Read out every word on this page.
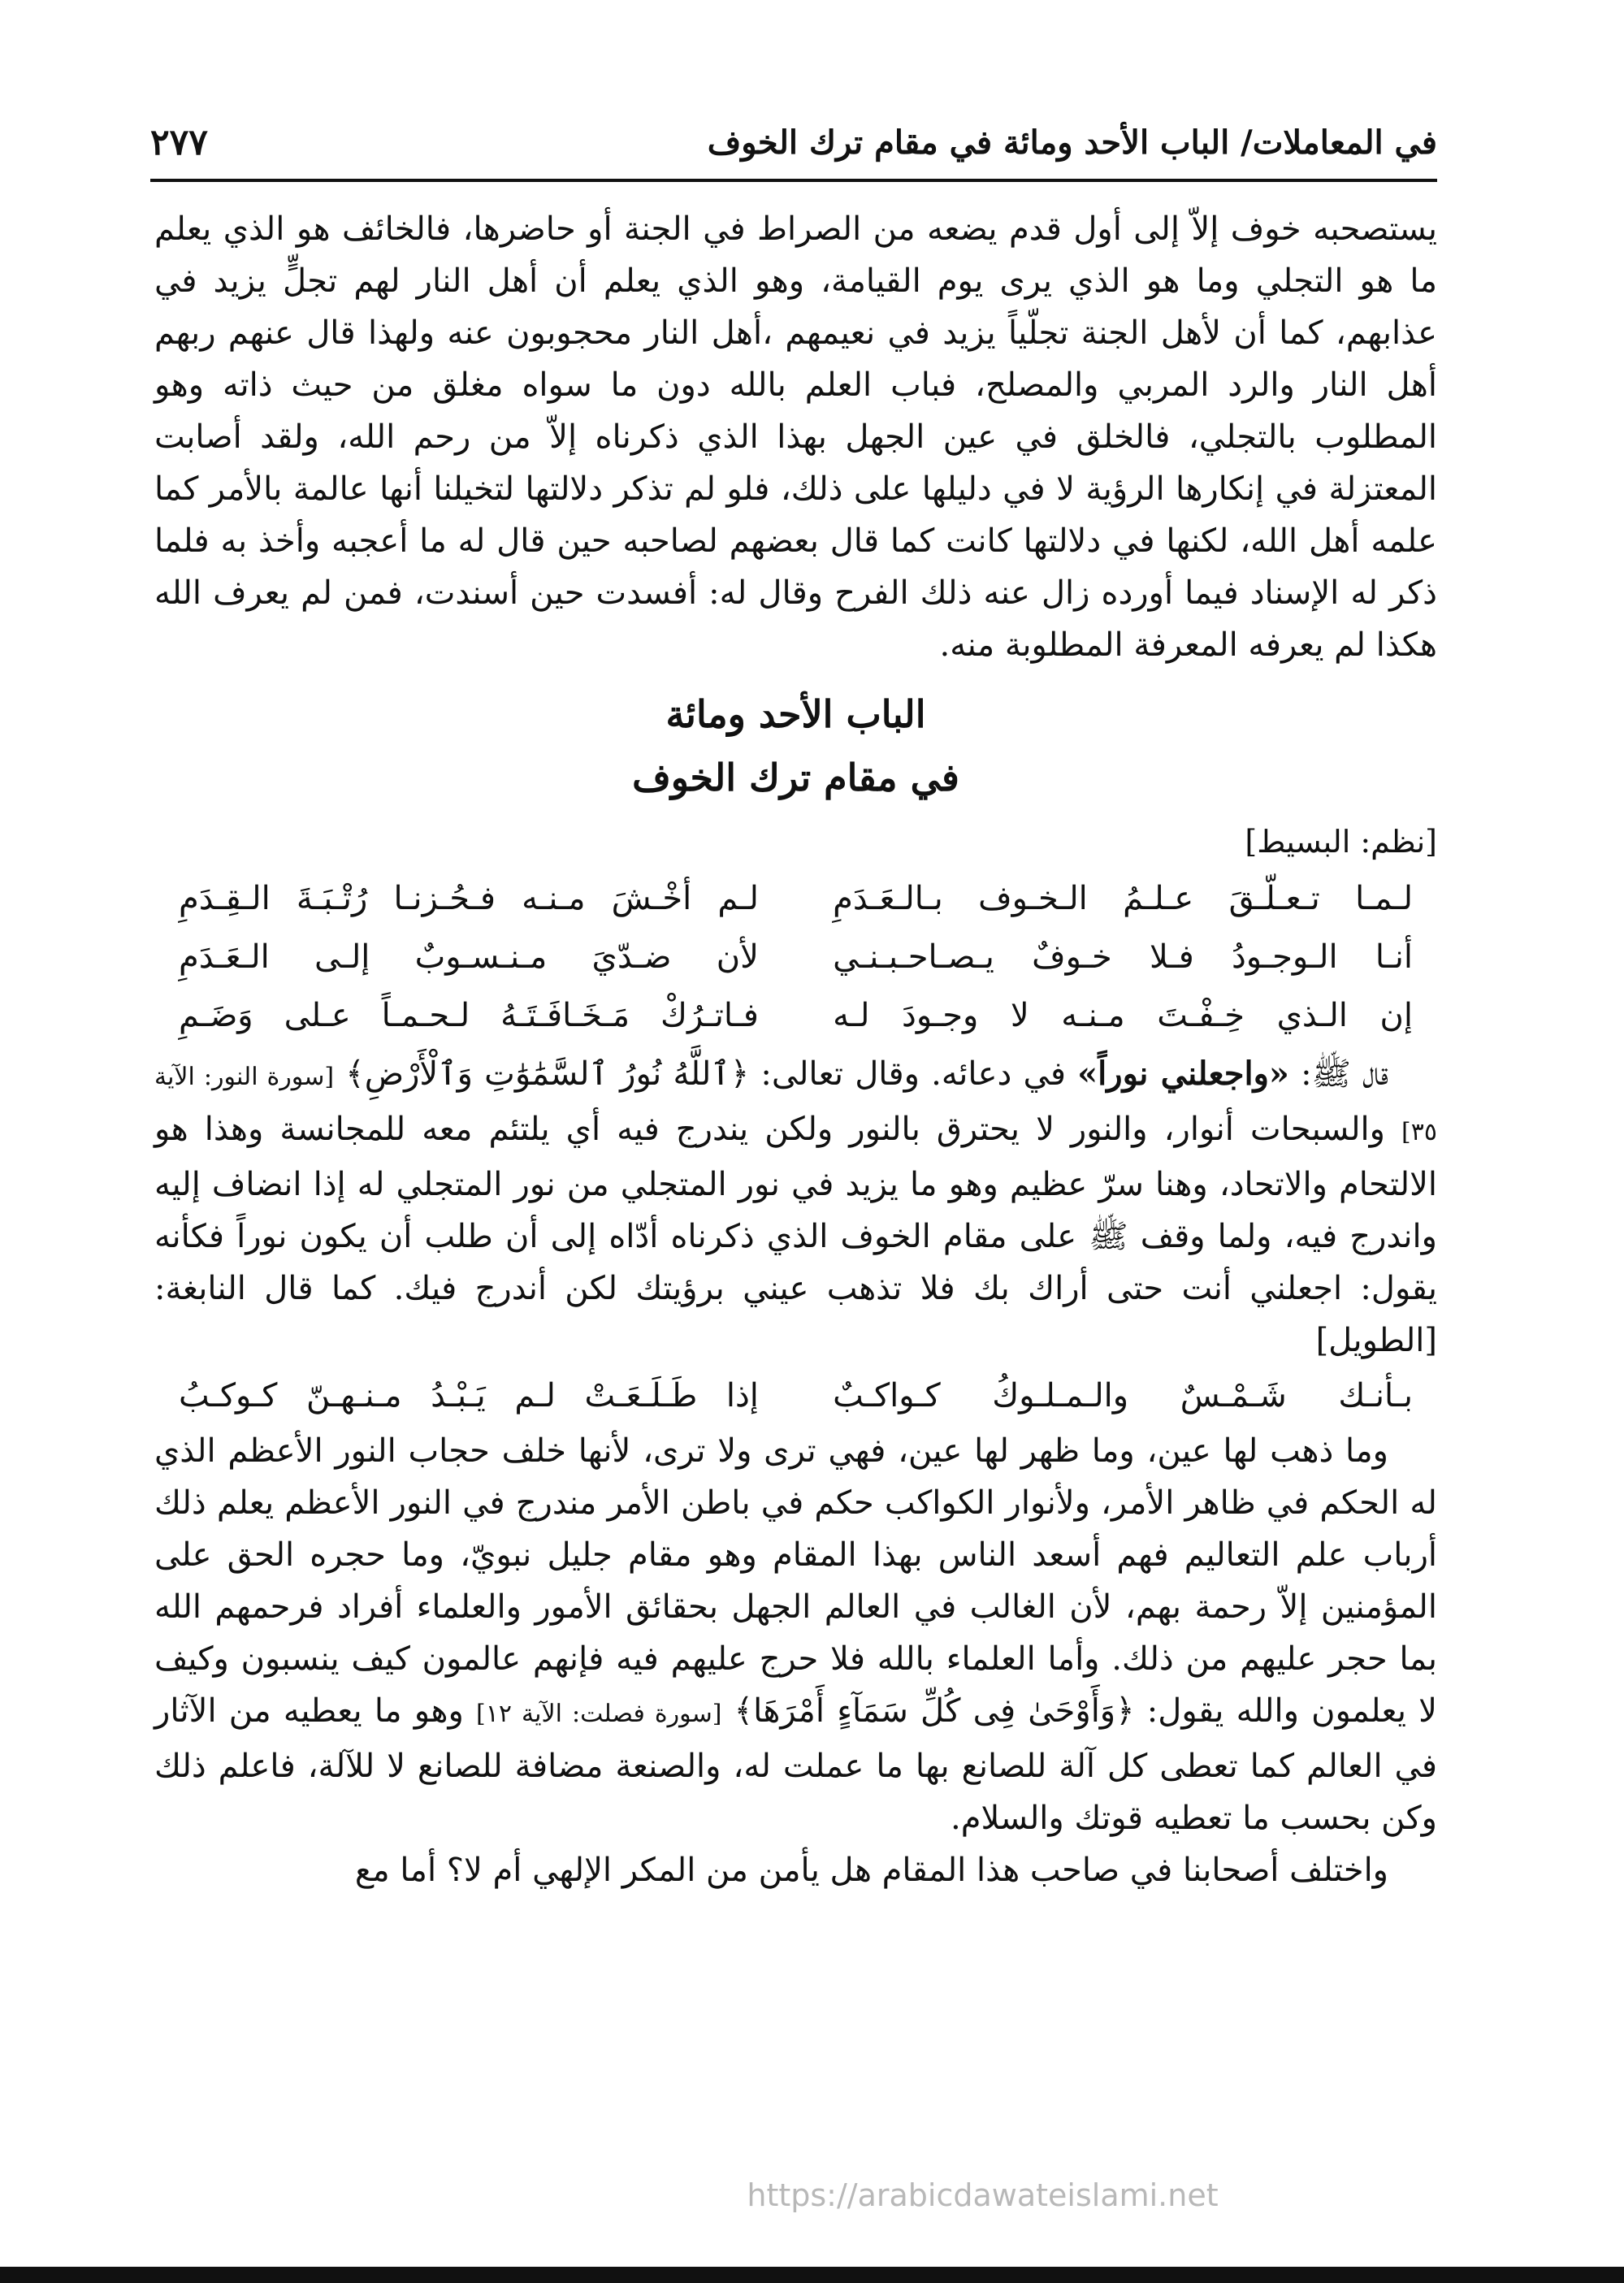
في المعاملات/ الباب الأحد ومائة في مقام ترك الخوف
٢٧٧

يستصحبه خوف إلاّ إلى أول قدم يضعه من الصراط في الجنة أو حاضرها، فالخائف هو الذي يعلم ما هو التجلي وما هو الذي يرى يوم القيامة، وهو الذي يعلم أن أهل النار لهم تجلٍّ يزيد في عذابهم، كما أن لأهل الجنة تجلّياً يزيد في نعيمهم ،أهل النار محجوبون عنه ولهذا قال عنهم ربهم أهل النار والرد المربي والمصلح، فباب العلم بالله دون ما سواه مغلق من حيث ذاته وهو المطلوب بالتجلي، فالخلق في عين الجهل بهذا الذي ذكرناه إلاّ من رحم الله، ولقد أصابت المعتزلة في إنكارها الرؤية لا في دليلها على ذلك، فلو لم تذكر دلالتها لتخيلنا أنها عالمة بالأمر كما علمه أهل الله، لكنها في دلالتها كانت كما قال بعضهم لصاحبه حين قال له ما أعجبه وأخذ به فلما ذكر له الإسناد فيما أورده زال عنه ذلك الفرح وقال له: أفسدت حين أسندت، فمن لم يعرف الله هكذا لم يعرفه المعرفة المطلوبة منه.

الباب الأحد ومائة
في مقام ترك الخوف

[نظم: البسيط]

لـمـا تـعـلّـقَ عـلـمُ الـخـوف بـالـعَـدَمِ
لـم أخْـشَ مـنـه فـحُـزنـا رُتْـبَـةَ الـقِـدَمِ
أنـا الـوجـودُ فـلا خـوفٌ يـصـاحـبـنـي
لأن ضـدّيَ مـنـسـوبٌ إلـى الـعَـدَمِ
إن الـذي خِـفْـتَ مـنـه لا وجـودَ لـه
فـاتـرُكْ مَـخَـافَـتَـهُ لـحـمـاً عـلى وَضَـمِ

قال ﷺ: «واجعلني نوراً» في دعائه. وقال تعالى: ﴿ٱللَّهُ نُورُ ٱلسَّمَٰوَٰتِ وَٱلْأَرْضِ﴾ [سورة النور: الآية ٣٥] والسبحات أنوار، والنور لا يحترق بالنور ولكن يندرج فيه أي يلتئم معه للمجانسة وهذا هو الالتحام والاتحاد، وهنا سرّ عظيم وهو ما يزيد في نور المتجلي من نور المتجلي له إذا انضاف إليه واندرج فيه، ولما وقف ﷺ على مقام الخوف الذي ذكرناه أدّاه إلى أن طلب أن يكون نوراً فكأنه يقول: اجعلني أنت حتى أراك بك فلا تذهب عيني برؤيتك لكن أندرج فيك. كما قال النابغة: [الطويل]

بـأنـك شَـمْـسٌ والـمـلـوكُ كـواكـبٌ
إذا طَـلَـعَـتْ لـم يَـبْـدُ مـنـهـنّ كـوكـبُ

وما ذهب لها عين، وما ظهر لها عين، فهي ترى ولا ترى، لأنها خلف حجاب النور الأعظم الذي له الحكم في ظاهر الأمر، ولأنوار الكواكب حكم في باطن الأمر مندرج في النور الأعظم يعلم ذلك أرباب علم التعاليم فهم أسعد الناس بهذا المقام وهو مقام جليل نبويّ، وما حجره الحق على المؤمنين إلاّ رحمة بهم، لأن الغالب في العالم الجهل بحقائق الأمور والعلماء أفراد فرحمهم الله بما حجر عليهم من ذلك. وأما العلماء بالله فلا حرج عليهم فيه فإنهم عالمون كيف ينسبون وكيف لا يعلمون والله يقول: ﴿وَأَوْحَىٰ فِى كُلِّ سَمَآءٍ أَمْرَهَا﴾ [سورة فصلت: الآية ١٢] وهو ما يعطيه من الآثار في العالم كما تعطى كل آلة للصانع بها ما عملت له، والصنعة مضافة للصانع لا للآلة، فاعلم ذلك وكن بحسب ما تعطيه قوتك والسلام.

واختلف أصحابنا في صاحب هذا المقام هل يأمن من المكر الإلهي أم لا؟ أما مع

https://arabicdawateislami.net
